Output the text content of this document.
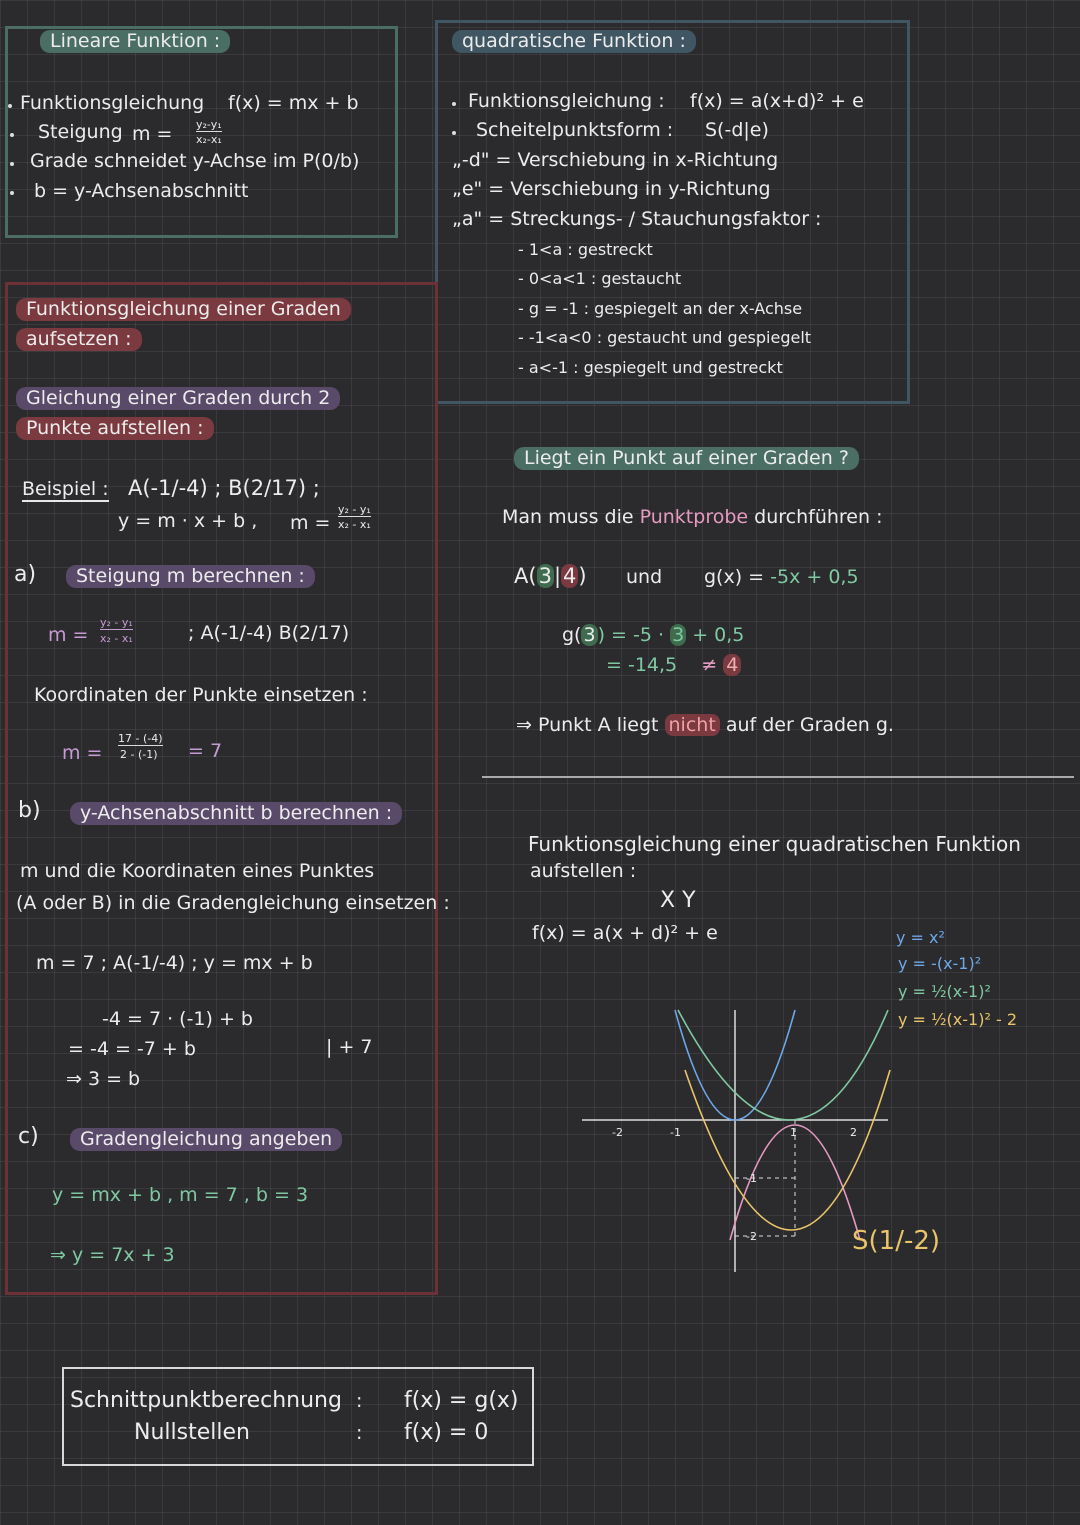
Lineare Funktion :
Funktionsgleichung f(x) = mx + b
Steigung m = y₂-y₁
x₂-x₁
Grade schneidet y-Achse im P(0/b)
b = y-Achsenabschnitt
quadratische Funktion :
Funktionsgleichung : f(x) = a(x+d)² + e
Scheitelpunktsform : S(-d|e)
„-d" = Verschiebung in x-Richtung
„e" = Verschiebung in y-Richtung
„a" = Streckungs- / Stauchungsfaktor :
- 1<a : gestreckt
- 0<a<1 : gestaucht
- g = -1 : gespiegelt an der x-Achse
- -1<a<0 : gestaucht und gespiegelt
- a<-1 : gespiegelt und gestreckt
Funktionsgleichung einer Graden
aufsetzen :
Gleichung einer Graden durch 2
Punkte aufstellen :
Beispiel : A(-1/-4) ; B(2/17) ;
y = m · x + b , m =
y₂ - y₁
x₂ - x₁
a)	Steigung m berechnen :
m =
y₂ - y₁
x₂ - x₁	; A(-1/-4) B(2/17)
Koordinaten der Punkte einsetzen :
m =
17 - (-4)
2 - (-1) = 7
b)	y-Achsenabschnitt b berechnen :
m und die Koordinaten eines Punktes
(A oder B) in die Gradengleichung einsetzen :
m = 7 ; A(-1/-4) ; y = mx + b
-4 = 7 · (-1) + b
= -4 = -7 + b	| + 7
⇒ 3 = b
c)	Gradengleichung angeben
y = mx + b , m = 7 , b = 3
⇒ y = 7x + 3
Liegt ein Punkt auf einer Graden ?
Man muss die Punktprobe durchführen :
A(3|4) und g(x) = -5x + 0,5
g( 3 ) = -5 · 3 + 0,5
= -14,5 ≠ 4
⇒ Punkt A liegt nicht auf der Graden g.
Funktionsgleichung einer quadratischen Funktion
aufstellen :
X Y
f(x) = a(x + d)² + e	y = x²
y = -(x-1)²
y = ½(x-1)²
y = ½(x-1)² - 2
-2	-1	1	2
-1
-2	S(1/-2)
Schnittpunktberechnung : f(x) = g(x)
Nullstellen	: f(x) = 0
